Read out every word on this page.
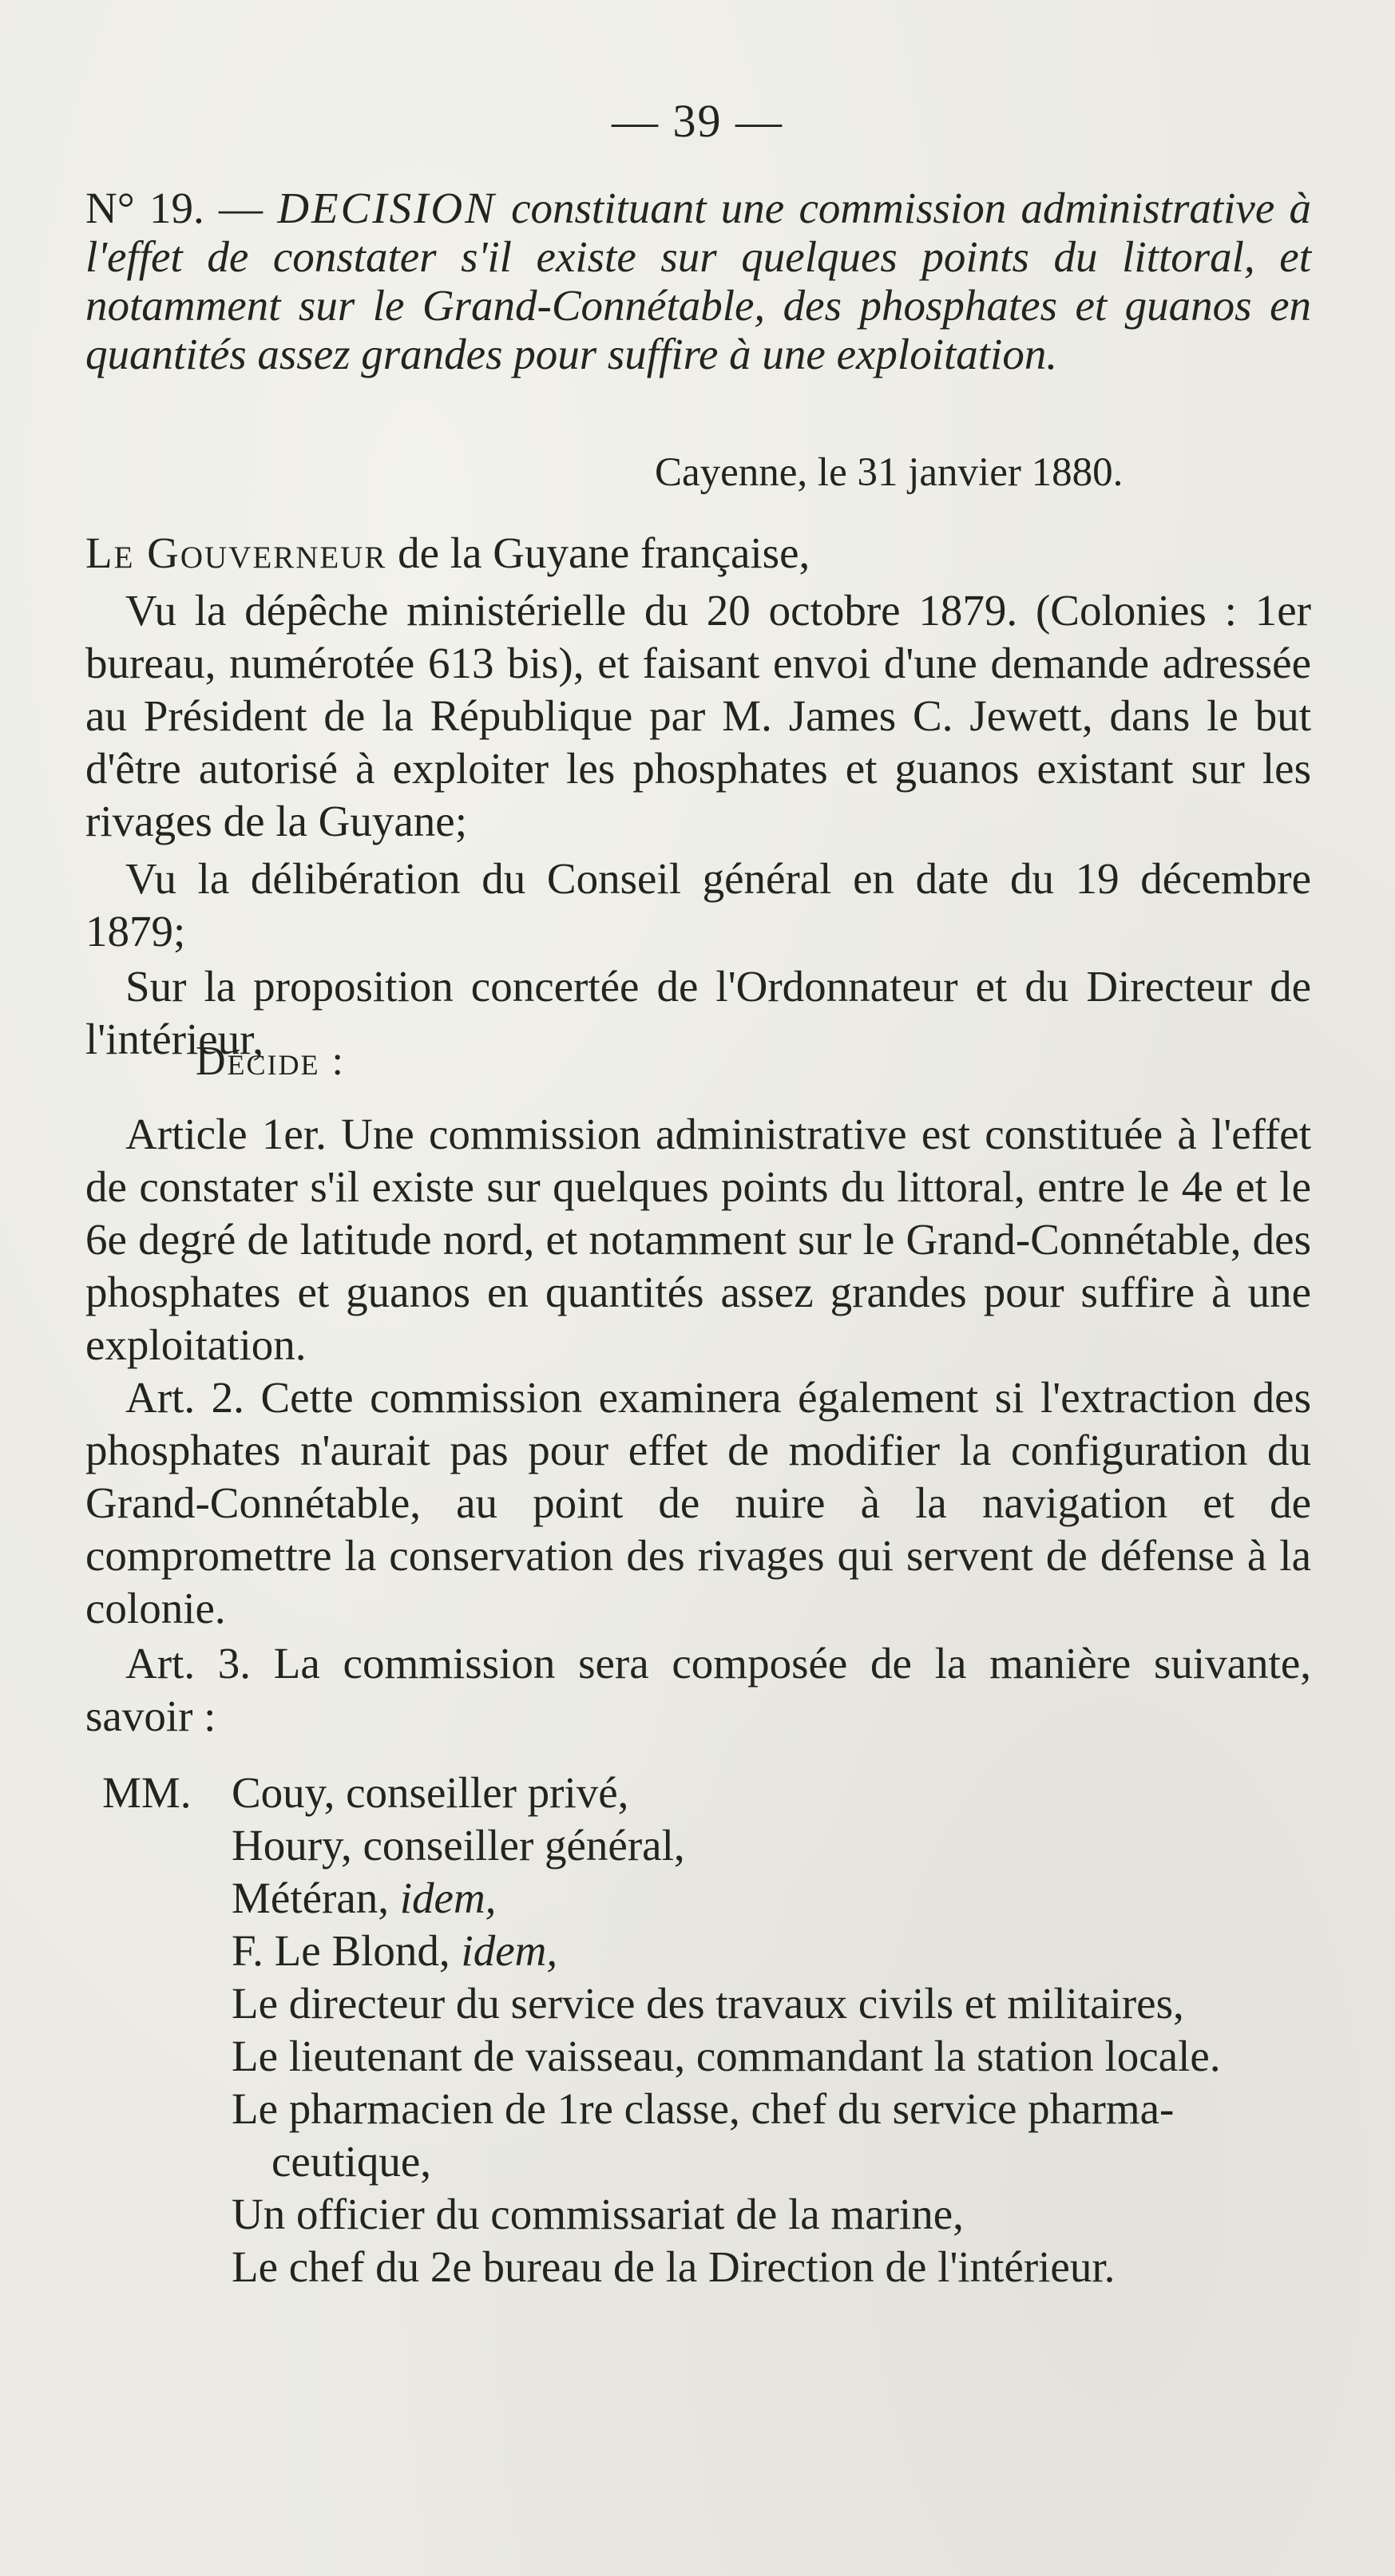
— 39 —
N° 19. — DECISION constituant une commission administrative à l'effet de constater s'il existe sur quelques points du littoral, et notamment sur le Grand-Connétable, des phosphates et guanos en quantités assez grandes pour suffire à une exploitation.
Cayenne, le 31 janvier 1880.
Le Gouverneur de la Guyane française,
Vu la dépêche ministérielle du 20 octobre 1879. (Colonies : 1er bureau, numérotée 613 bis), et faisant envoi d'une demande adressée au Président de la République par M. James C. Jewett, dans le but d'être autorisé à exploiter les phosphates et guanos existant sur les rivages de la Guyane;
Vu la délibération du Conseil général en date du 19 décembre 1879;
Sur la proposition concertée de l'Ordonnateur et du Directeur de l'intérieur,
Décide :
Article 1er. Une commission administrative est constituée à l'effet de constater s'il existe sur quelques points du littoral, entre le 4e et le 6e degré de latitude nord, et notamment sur le Grand-Connétable, des phosphates et guanos en quantités assez grandes pour suffire à une exploitation.
Art. 2. Cette commission examinera également si l'extraction des phosphates n'aurait pas pour effet de modifier la configuration du Grand-Connétable, au point de nuire à la navigation et de compromettre la conservation des rivages qui servent de défense à la colonie.
Art. 3. La commission sera composée de la manière suivante, savoir :
MM. Couy, conseiller privé,
Houry, conseiller général,
Météran, idem,
F. Le Blond, idem,
Le directeur du service des travaux civils et militaires,
Le lieutenant de vaisseau, commandant la station locale.
Le pharmacien de 1re classe, chef du service pharma-
ceutique,
Un officier du commissariat de la marine,
Le chef du 2e bureau de la Direction de l'intérieur.
